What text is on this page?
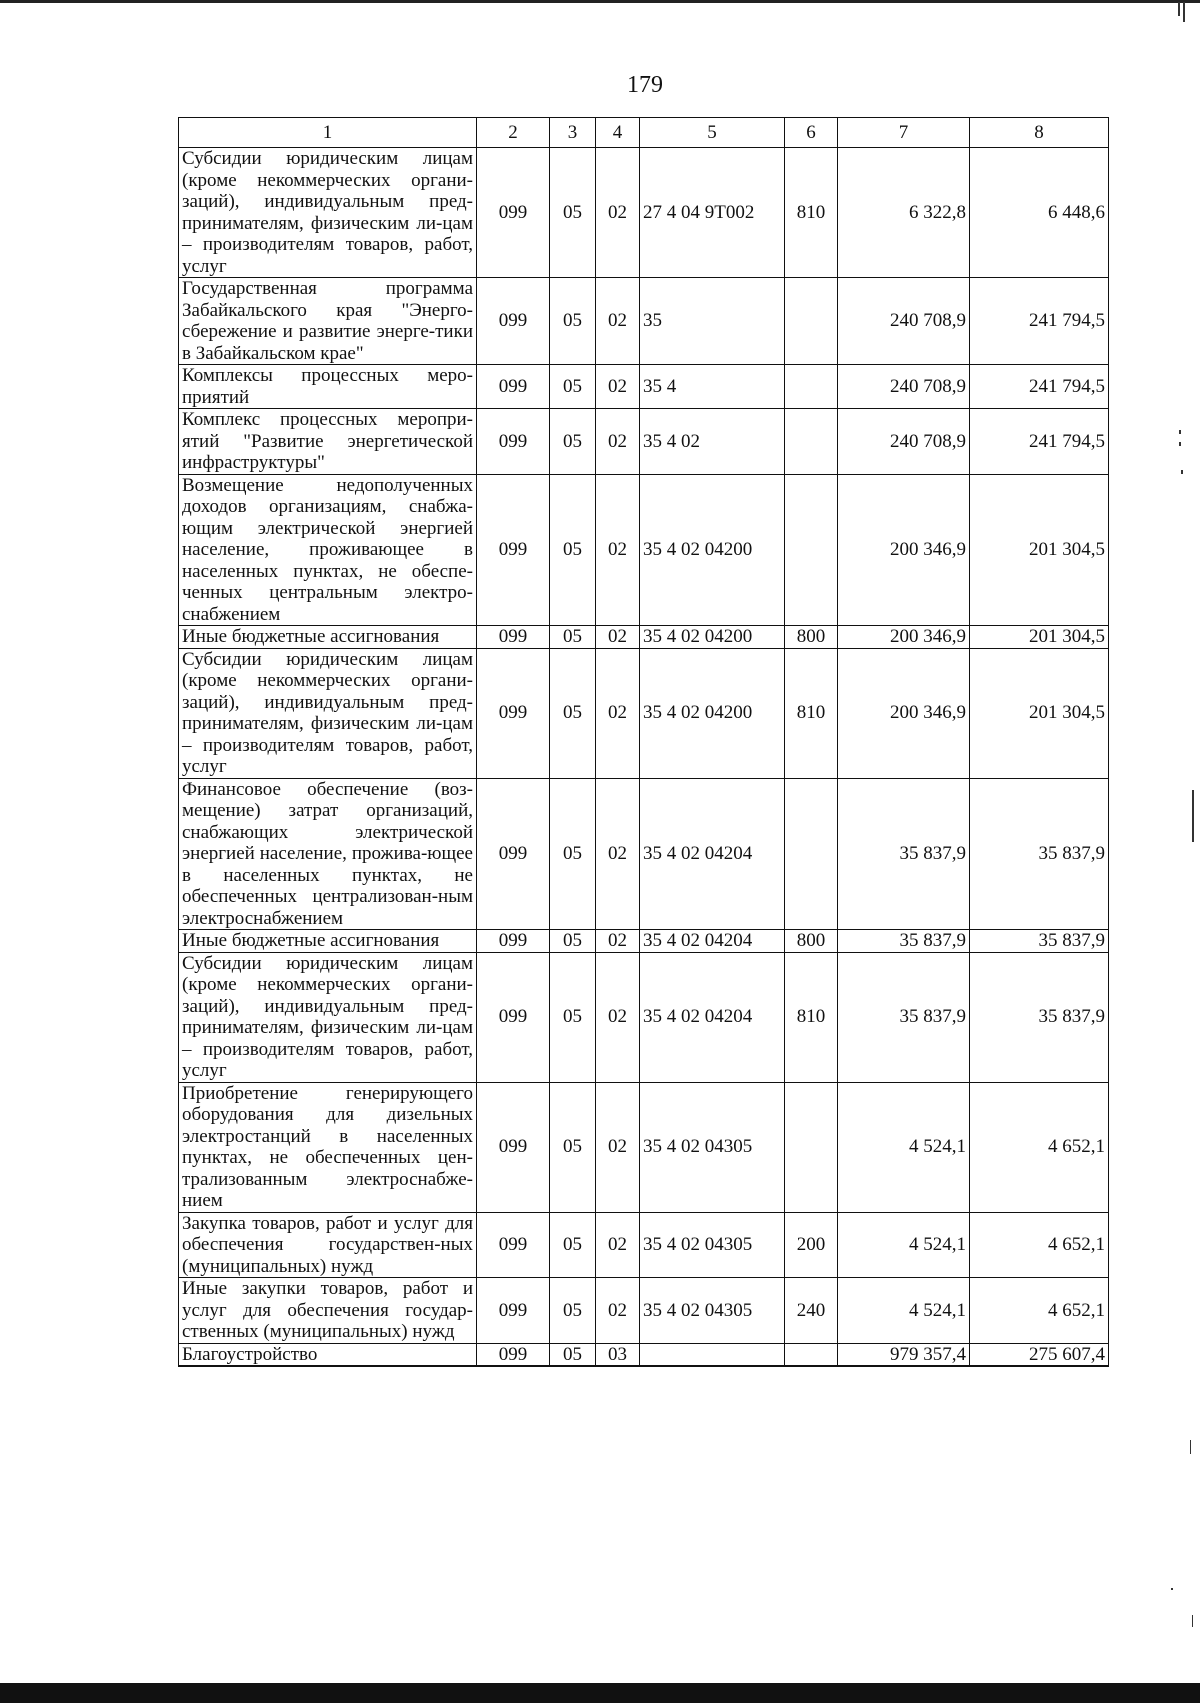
179
1	2	3	4	5	6	7	8
Субсидии юридическим лицам (кроме некоммерческих органи-заций), индивидуальным пред-принимателям, физическим ли-цам – производителям товаров, работ, услуг	099	05	02	27 4 04 9Т002	810	6 322,8	6 448,6
Государственная программа Забайкальского края "Энерго-сбережение и развитие энерге-тики в Забайкальском крае"	099	05	02	35		240 708,9	241 794,5
Комплексы процессных меро-приятий	099	05	02	35 4		240 708,9	241 794,5
Комплекс процессных меропри-ятий "Развитие энергетической инфраструктуры"	099	05	02	35 4 02		240 708,9	241 794,5
Возмещение недополученных доходов организациям, снабжа-ющим электрической энергией население, проживающее в населенных пунктах, не обеспе-ченных центральным электро-снабжением	099	05	02	35 4 02 04200		200 346,9	201 304,5
Иные бюджетные ассигнования	099	05	02	35 4 02 04200	800	200 346,9	201 304,5
Субсидии юридическим лицам (кроме некоммерческих органи-заций), индивидуальным пред-принимателям, физическим ли-цам – производителям товаров, работ, услуг	099	05	02	35 4 02 04200	810	200 346,9	201 304,5
Финансовое обеспечение (воз-мещение) затрат организаций, снабжающих электрической энергией население, прожива-ющее в населенных пунктах, не обеспеченных централизован-ным электроснабжением	099	05	02	35 4 02 04204		35 837,9	35 837,9
Иные бюджетные ассигнования	099	05	02	35 4 02 04204	800	35 837,9	35 837,9
Субсидии юридическим лицам (кроме некоммерческих органи-заций), индивидуальным пред-принимателям, физическим ли-цам – производителям товаров, работ, услуг	099	05	02	35 4 02 04204	810	35 837,9	35 837,9
Приобретение генерирующего оборудования для дизельных электростанций в населенных пунктах, не обеспеченных цен-трализованным электроснабже-нием	099	05	02	35 4 02 04305		4 524,1	4 652,1
Закупка товаров, работ и услуг для обеспечения государствен-ных (муниципальных) нужд	099	05	02	35 4 02 04305	200	4 524,1	4 652,1
Иные закупки товаров, работ и услуг для обеспечения государ-ственных (муниципальных) нужд	099	05	02	35 4 02 04305	240	4 524,1	4 652,1
Благоустройство	099	05	03			979 357,4	275 607,4
